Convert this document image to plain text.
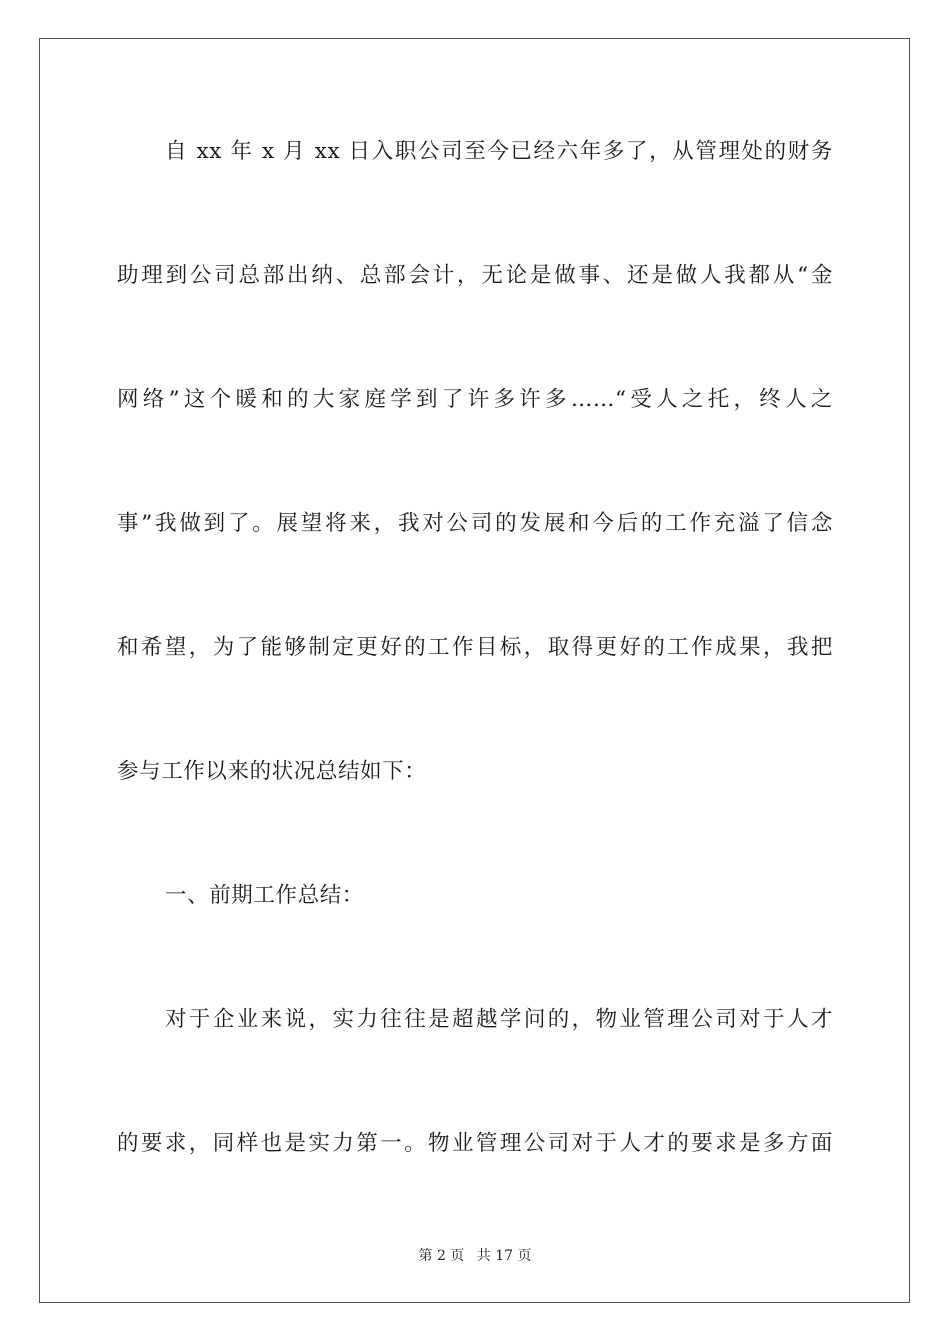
自 xx 年 x 月 xx 日入职公司至今已经六年多了，从管理处的财务
助理到公司总部出纳、总部会计，无论是做事、还是做人我都从“金
网络”这个暖和的大家庭学到了许多许多……“受人之托，终人之
事”我做到了。展望将来，我对公司的发展和今后的工作充溢了信念
和希望，为了能够制定更好的工作目标，取得更好的工作成果，我把
参与工作以来的状况总结如下：
一、前期工作总结：
对于企业来说，实力往往是超越学问的，物业管理公司对于人才
的要求，同样也是实力第一。物业管理公司对于人才的要求是多方面
第 2 页 共 17 页
